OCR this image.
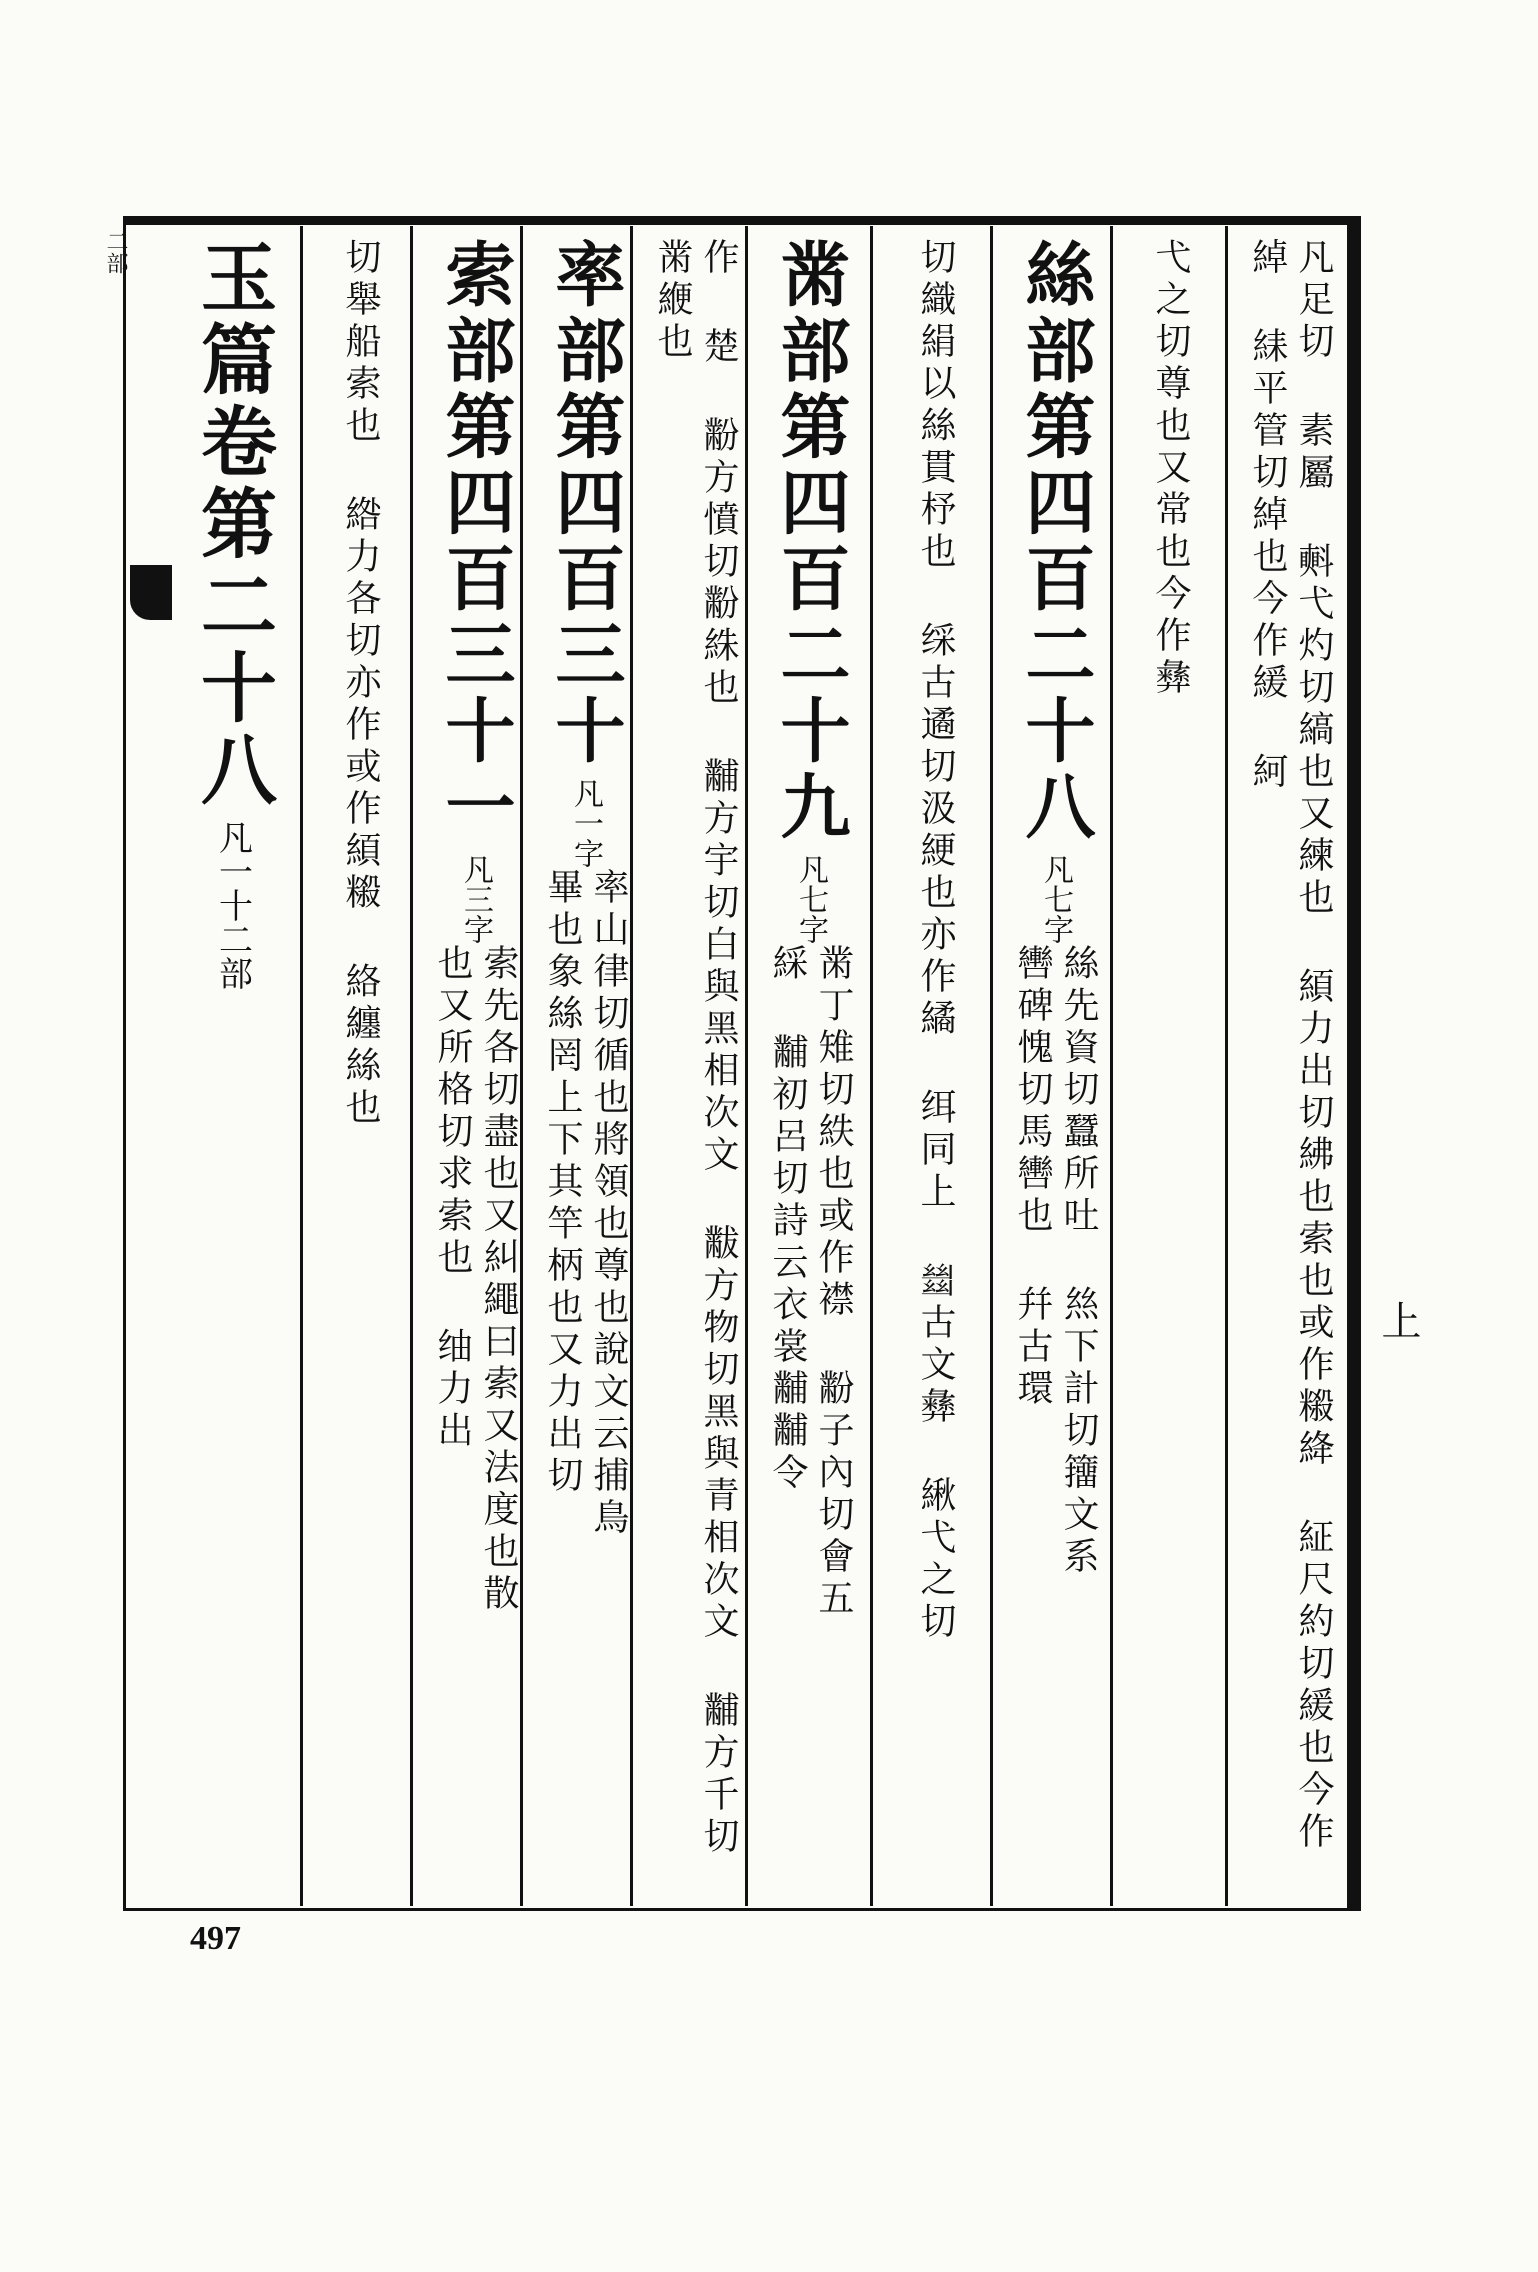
凡足切 素屬 㪺弋灼切縞也又練也 䋶力出切紼也索也或作䊛絳 䋊尺約切緩也今作綽 䋘平管切綽也今作緩 䋍
弋之切尊也又常也今作彝
絲部第四百二十八
凡七字
絲先資切蠶所吐 𢇁下計切籒文系 轡碑愧切馬轡也 幷古環
切織絹以絲貫杼也 䌽古遹切汲綆也亦作繘 䌺同上 𢇍古文彝 䋺弋之切
黹部第四百二十九
凡七字
黹丁雉切紩也或作襟 黺子內切會五綵 黼初呂切詩云衣裳黼黼令
作 楚 黺方憤切黺絑也 黼方宇切白與黑相次文 黻方物切黑與青相次文 黼方千切黹緶也
率部第四百三十
凡一字
率山律切循也將領也尊也說文云捕鳥畢也象絲罔上下其竿柄也又力出切
索部第四百三十一
凡三字
索先各切盡也又糾繩曰索又法度也散也又所格切求索也 䌷力出
切舉船索也 綹力各切亦作或作䋶䊛 絡纏絲也
玉篇卷第二十八
凡一十二部
二部
上
497
